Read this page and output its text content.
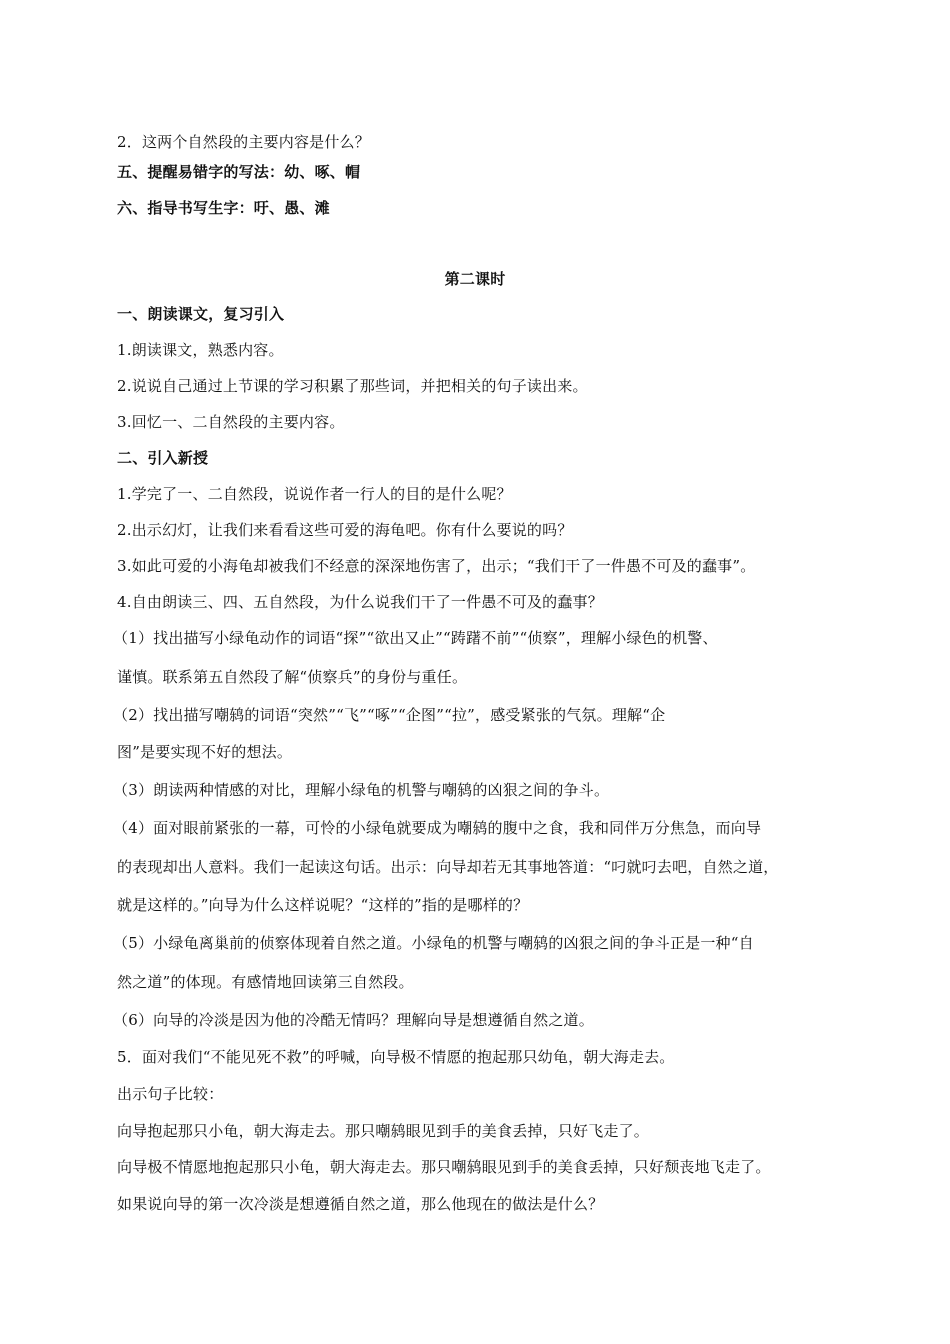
2．这两个自然段的主要内容是什么？
五、提醒易错字的写法：幼、啄、帽
六、指导书写生字：吁、愚、滩
第二课时
一、朗读课文，复习引入
1.朗读课文，熟悉内容。
2.说说自己通过上节课的学习积累了那些词，并把相关的句子读出来。
3.回忆一、二自然段的主要内容。
二、引入新授
1.学完了一、二自然段，说说作者一行人的目的是什么呢？
2.出示幻灯，让我们来看看这些可爱的海龟吧。你有什么要说的吗？
3.如此可爱的小海龟却被我们不经意的深深地伤害了，出示；“我们干了一件愚不可及的蠢事”。
4.自由朗读三、四、五自然段，为什么说我们干了一件愚不可及的蠢事？
（1）找出描写小绿龟动作的词语“探”“欲出又止”“踌躇不前”“侦察”，理解小绿色的机警、
谨慎。联系第五自然段了解“侦察兵”的身份与重任。
（2）找出描写嘲鸫的词语“突然”“飞”“啄”“企图”“拉”，感受紧张的气氛。理解“企
图”是要实现不好的想法。
（3）朗读两种情感的对比，理解小绿龟的机警与嘲鸫的凶狠之间的争斗。
（4）面对眼前紧张的一幕，可怜的小绿龟就要成为嘲鸫的腹中之食，我和同伴万分焦急，而向导
的表现却出人意料。我们一起读这句话。出示：向导却若无其事地答道：“叼就叼去吧，自然之道，
就是这样的。”向导为什么这样说呢？“这样的”指的是哪样的？
（5）小绿龟离巢前的侦察体现着自然之道。小绿龟的机警与嘲鸫的凶狠之间的争斗正是一种“自
然之道”的体现。有感情地回读第三自然段。
（6）向导的冷淡是因为他的冷酷无情吗？理解向导是想遵循自然之道。
5．面对我们“不能见死不救”的呼喊，向导极不情愿的抱起那只幼龟，朝大海走去。
出示句子比较：
向导抱起那只小龟，朝大海走去。那只嘲鸫眼见到手的美食丢掉，只好飞走了。
向导极不情愿地抱起那只小龟，朝大海走去。那只嘲鸫眼见到手的美食丢掉，只好颓丧地飞走了。
如果说向导的第一次冷淡是想遵循自然之道，那么他现在的做法是什么？
